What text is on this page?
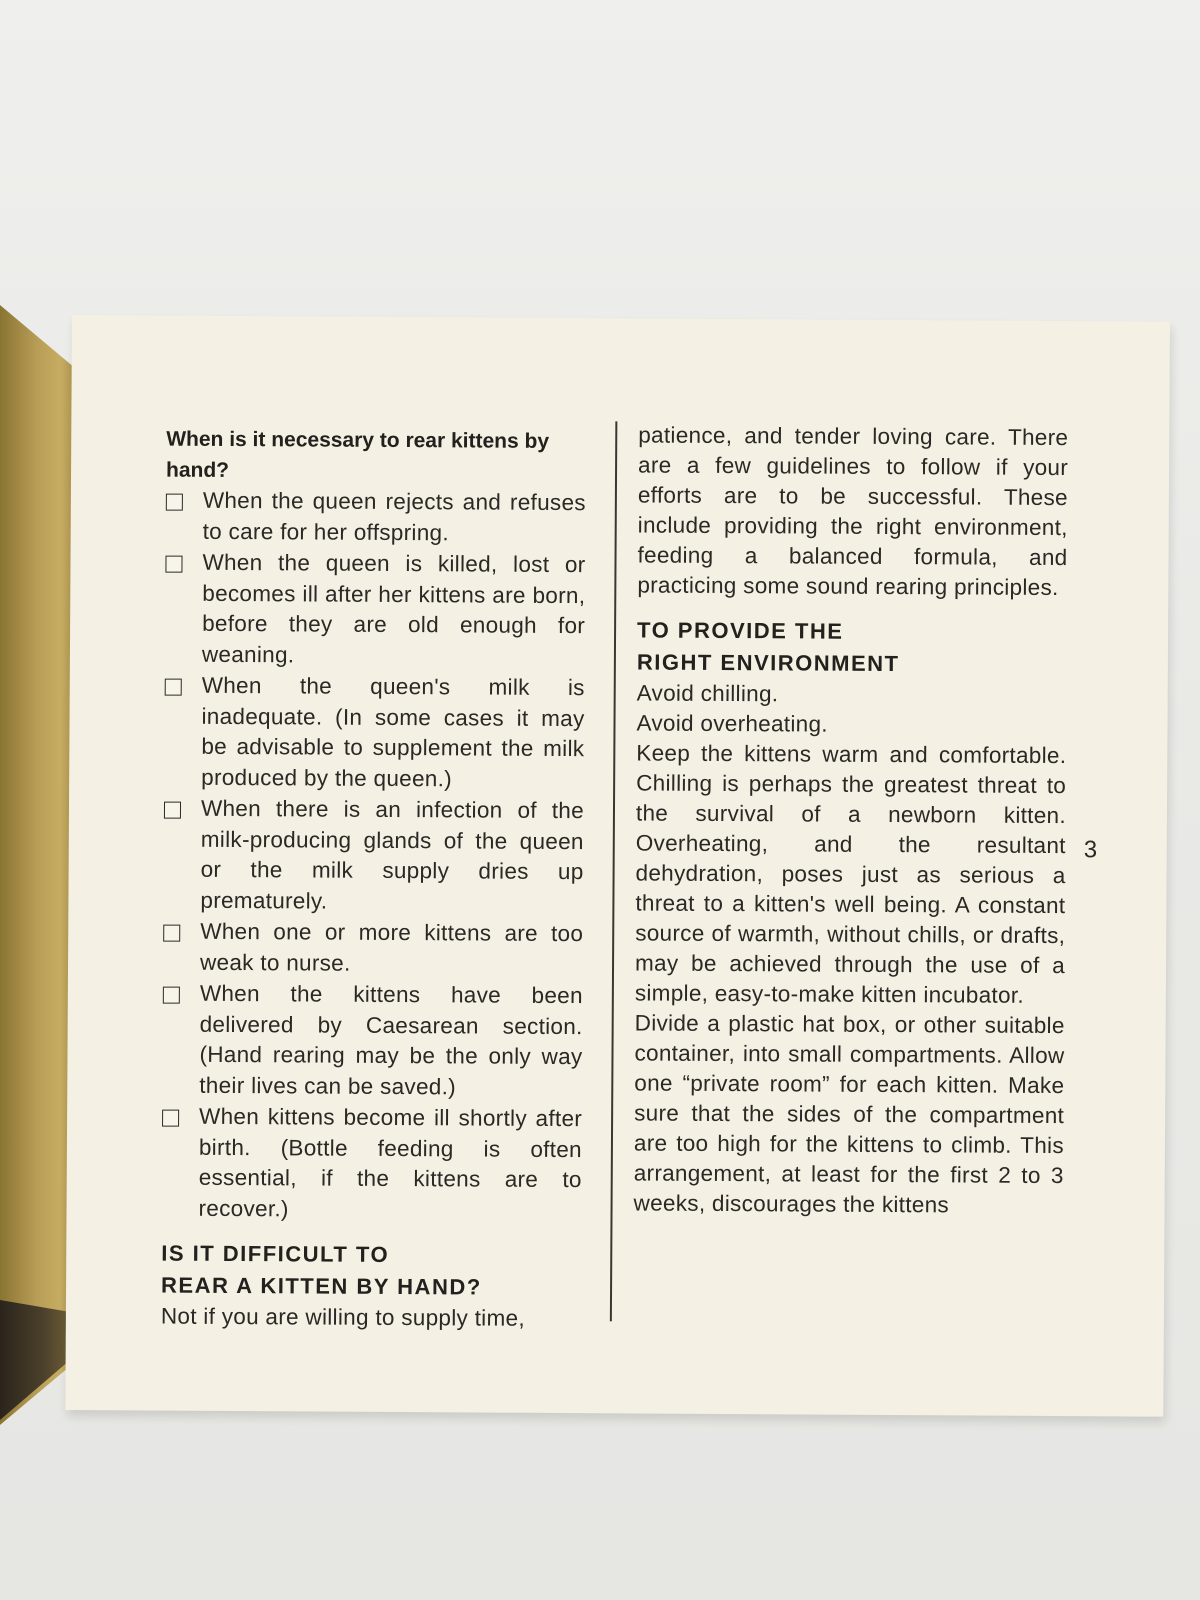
When is it necessary to rear kittens by hand?

When the queen rejects and refuses to care for her offspring.
When the queen is killed, lost or becomes ill after her kittens are born, before they are old enough for weaning.
When the queen's milk is inadequate. (In some cases it may be advisable to supplement the milk produced by the queen.)
When there is an infection of the milk-producing glands of the queen or the milk supply dries up prematurely.
When one or more kittens are too weak to nurse.
When the kittens have been delivered by Caesarean section. (Hand rearing may be the only way their lives can be saved.)
When kittens become ill shortly after birth. (Bottle feeding is often essential, if the kittens are to recover.)

IS IT DIFFICULT TO
REAR A KITTEN BY HAND?

Not if you are willing to supply time,

patience, and tender loving care. There are a few guidelines to follow if your efforts are to be successful. These include providing the right environment, feeding a balanced formula, and practicing some sound rearing principles.

TO PROVIDE THE
RIGHT ENVIRONMENT

Avoid chilling.

Avoid overheating.

Keep the kittens warm and comfortable. Chilling is perhaps the greatest threat to the survival of a newborn kitten. Overheating, and the resultant dehydration, poses just as serious a threat to a kitten's well being. A constant source of warmth, without chills, or drafts, may be achieved through the use of a simple, easy-to-make kitten incubator.

Divide a plastic hat box, or other suitable container, into small compartments. Allow one “private room” for each kitten. Make sure that the sides of the compartment are too high for the kittens to climb. This arrangement, at least for the first 2 to 3 weeks, discourages the kittens

3
